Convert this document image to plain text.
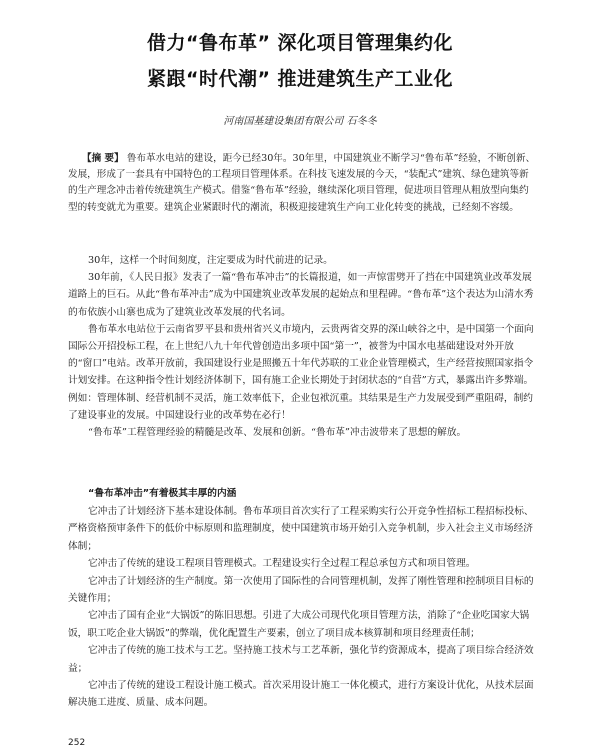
借力“鲁布革” 深化项目管理集约化
紧跟“时代潮” 推进建筑生产工业化
河南国基建设集团有限公司 石冬冬
【摘 要】 鲁布革水电站的建设，距今已经30年。30年里，中国建筑业不断学习“鲁布革”经验，不断创新、发展，形成了一套具有中国特色的工程项目管理体系。在科技飞速发展的今天，“装配式”建筑、绿色建筑等新的生产理念冲击着传统建筑生产模式。借鉴“鲁布革”经验，继续深化项目管理，促进项目管理从粗放型向集约型的转变就尤为重要。建筑企业紧跟时代的潮流，积极迎接建筑生产向工业化转变的挑战，已经刻不容缓。

30年，这样一个时间刻度，注定要成为时代前进的记录。

30年前，《人民日报》发表了一篇“鲁布革冲击”的长篇报道，如一声惊雷劈开了挡在中国建筑业改革发展道路上的巨石。从此“鲁布革冲击”成为中国建筑业改革发展的起始点和里程碑。“鲁布革”这个表达为山清水秀的布依族小山寨也成为了建筑业改革发展的代名词。

鲁布革水电站位于云南省罗平县和贵州省兴义市境内，云贵两省交界的深山峡谷之中，是中国第一个面向国际公开招投标工程，在上世纪八九十年代曾创造出多项中国“第一”，被誉为中国水电基础建设对外开放的“窗口”电站。改革开放前，我国建设行业是照搬五十年代苏联的工业企业管理模式，生产经营按照国家指令计划安排。在这种指令性计划经济体制下，国有施工企业长期处于封闭状态的“自营”方式，暴露出许多弊端。例如：管理体制、经营机制不灵活，施工效率低下，企业包袱沉重。其结果是生产力发展受到严重阻碍，制约了建设事业的发展。中国建设行业的改革势在必行！

“鲁布革”工程管理经验的精髓是改革、发展和创新。“鲁布革”冲击波带来了思想的解放。

“鲁布革冲击”有着极其丰厚的内涵

它冲击了计划经济下基本建设体制。鲁布革项目首次实行了工程采购实行公开竞争性招标工程招标投标、严格资格预审条件下的低价中标原则和监理制度，使中国建筑市场开始引入竞争机制，步入社会主义市场经济体制；

它冲击了传统的建设工程项目管理模式。工程建设实行全过程工程总承包方式和项目管理。

它冲击了计划经济的生产制度。第一次使用了国际性的合同管理机制，发挥了刚性管理和控制项目目标的关键作用；

它冲击了国有企业“大锅饭”的陈旧思想。引进了大成公司现代化项目管理方法，消除了“企业吃国家大锅饭，职工吃企业大锅饭”的弊端，优化配置生产要素，创立了项目成本核算制和项目经理责任制；

它冲击了传统的施工技术与工艺。坚持施工技术与工艺革新，强化节约资源成本，提高了项目综合经济效益；

它冲击了传统的建设工程设计施工模式。首次采用设计施工一体化模式，进行方案设计优化，从技术层面解决施工进度、质量、成本问题。

252
